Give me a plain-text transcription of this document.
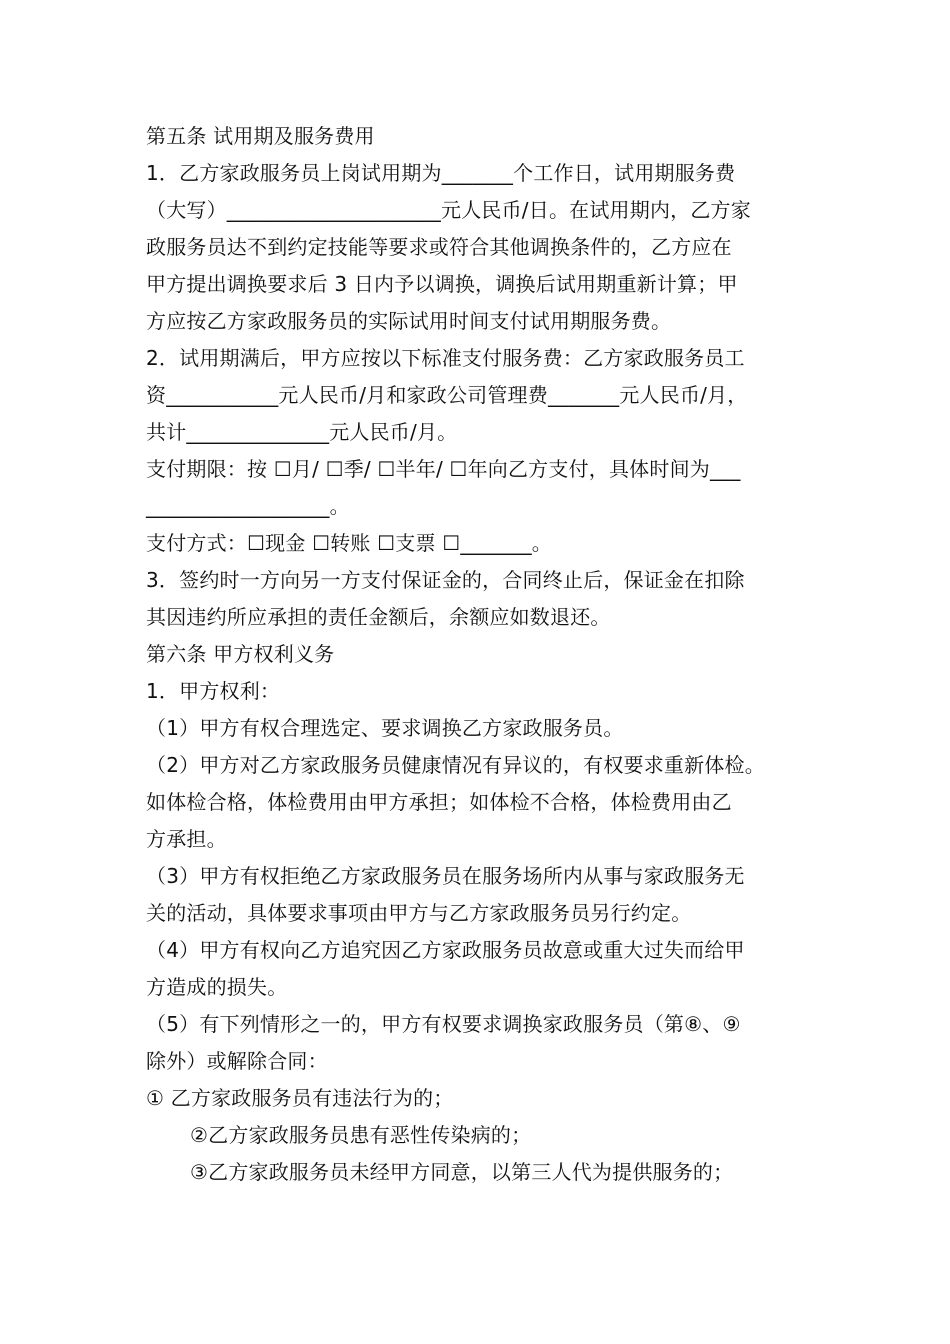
第五条 试用期及服务费用
1．乙方家政服务员上岗试用期为_______个工作日，试用期服务费
（大写）_____________________元人民币/日。在试用期内，乙方家
政服务员达不到约定技能等要求或符合其他调换条件的，乙方应在
甲方提出调换要求后 3 日内予以调换，调换后试用期重新计算；甲
方应按乙方家政服务员的实际试用时间支付试用期服务费。
2．试用期满后，甲方应按以下标准支付服务费：乙方家政服务员工
资___________元人民币/月和家政公司管理费_______元人民币/月，
共计______________元人民币/月。
支付期限：按 ☐月/ ☐季/ ☐半年/ ☐年向乙方支付，具体时间为___
__________________。
支付方式：☐现金 ☐转账 ☐支票 ☐_______。
3．签约时一方向另一方支付保证金的，合同终止后，保证金在扣除
其因违约所应承担的责任金额后，余额应如数退还。
第六条 甲方权利义务
1．甲方权利：
（1）甲方有权合理选定、要求调换乙方家政服务员。
（2）甲方对乙方家政服务员健康情况有异议的，有权要求重新体检。
如体检合格，体检费用由甲方承担；如体检不合格，体检费用由乙
方承担。
（3）甲方有权拒绝乙方家政服务员在服务场所内从事与家政服务无
关的活动，具体要求事项由甲方与乙方家政服务员另行约定。
（4）甲方有权向乙方追究因乙方家政服务员故意或重大过失而给甲
方造成的损失。
（5）有下列情形之一的，甲方有权要求调换家政服务员（第⑧、⑨
除外）或解除合同：
① 乙方家政服务员有违法行为的；
②乙方家政服务员患有恶性传染病的；
③乙方家政服务员未经甲方同意，以第三人代为提供服务的；
